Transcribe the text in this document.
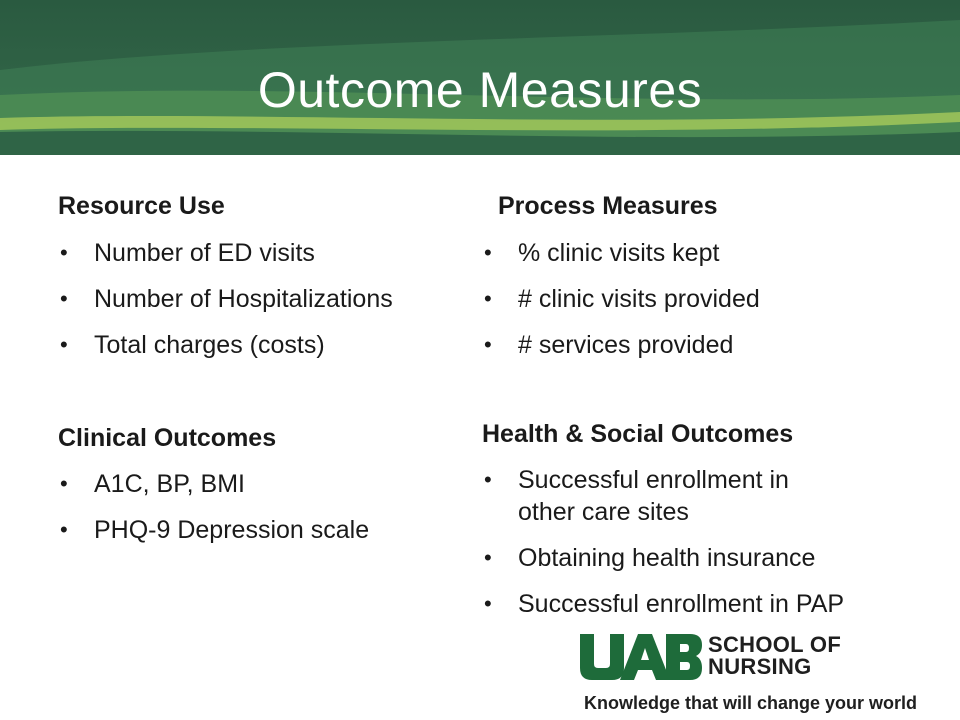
Outcome Measures
Resource Use
• Number of ED visits
• Number of Hospitalizations
• Total charges (costs)
Clinical Outcomes
• A1C, BP, BMI
• PHQ-9 Depression scale
Process Measures
• % clinic visits kept
• # clinic visits provided
• # services provided
Health & Social Outcomes
• Successful enrollment in other care sites
• Obtaining health insurance
• Successful enrollment in PAP
SCHOOL OF
NURSING
Knowledge that will change your world
